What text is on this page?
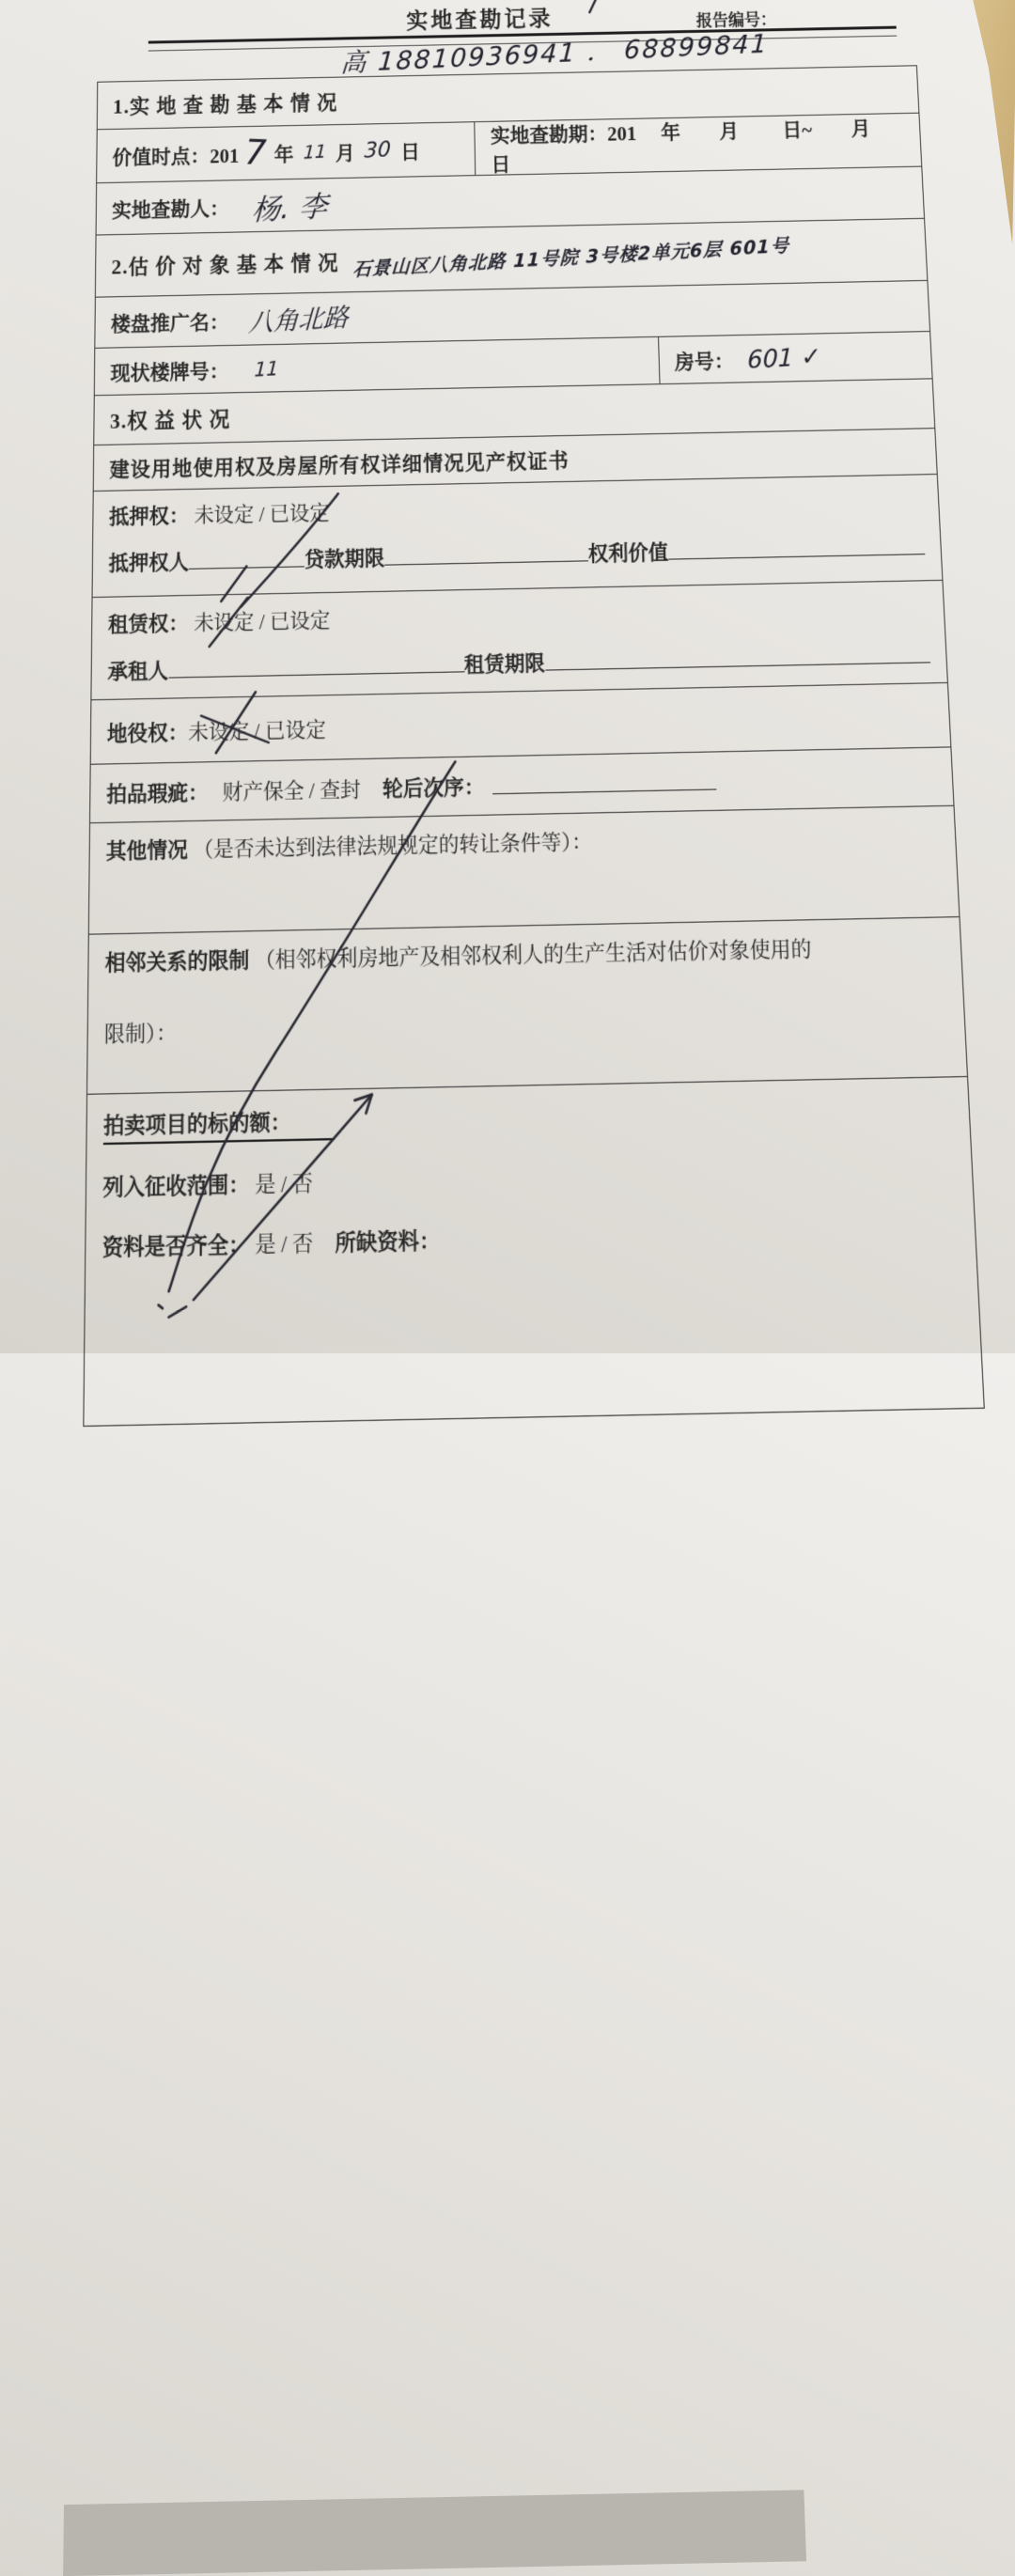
实地查勘记录	报告编号：
高 18810936941 ． 68899841
1.实 地 查 勘 基 本 情 况
价值时点：201 7 年 11 月 30 日
实地查勘期：201　 年　　月　　 日~　　月　　 日
实地查勘人： 杨. 李
2.估 价 对 象 基 本 情 况 石景山区八角北路 11号院 3号楼2单元6层 601号
楼盘推广名： 八角北路
现状楼牌号： 11	房号： 601 ✓
3.权 益 状 况
建设用地使用权及房屋所有权详细情况见产权证书
抵押权： 未设定 / 已设定
抵押权人	贷款期限	权利价值
租赁权： 未设定 / 已设定
承租人	租赁期限
地役权： 未设定 / 已设定
拍品瑕疵： 财产保全 / 查封 轮后次序：
其他情况 （是否未达到法律法规规定的转让条件等）：
相邻关系的限制 （相邻权利房地产及相邻权利人的生产生活对估价对象使用的
限制）：
拍卖项目的标的额：
列入征收范围： 是 / 否
资料是否齐全： 是 / 否 所缺资料：
